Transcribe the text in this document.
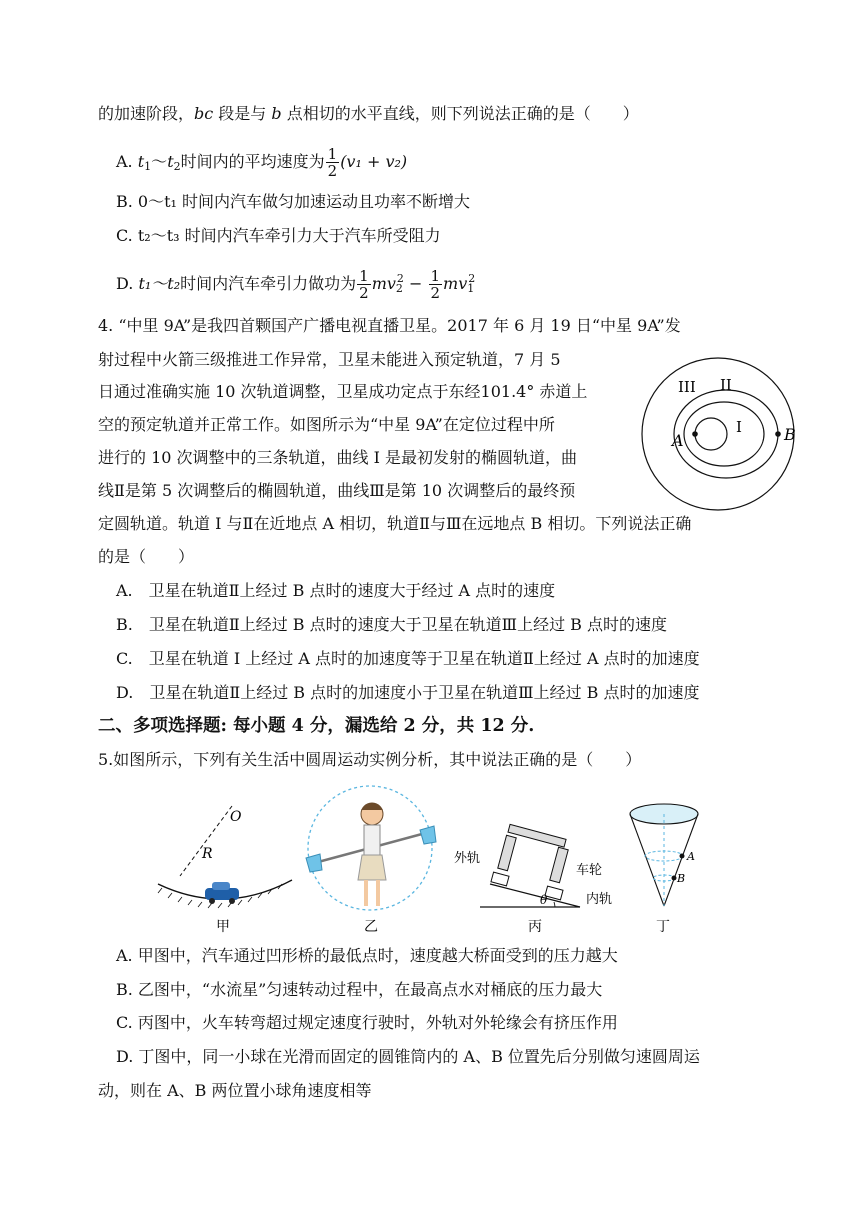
的加速阶段，bc 段是与 b 点相切的水平直线，则下列说法正确的是（　　）
A. $t_1\sim t_2$时间内的平均速度为 $\frac{1}{2} (v_1 + v_2)$
B. 0～t₁ 时间内汽车做匀加速运动且功率不断增大
C. t₂～t₃ 时间内汽车牵引力大于汽车所受阻力
D. t₁～t₂时间内汽车牵引力做功为 $\frac{1}{2} mv_2^2 - \frac{1}{2} mv_1^2$
4. “中里 9A”是我四首颗国产广播电视直播卫星。2017 年 6 月 19 日“中星 9A”发
射过程中火箭三级推进工作异常，卫星未能进入预定轨道，7 月 5
日通过准确实施 10 次轨道调整，卫星成功定点于东经101.4° 赤道上
空的预定轨道并正常工作。如图所示为“中星 9A”在定位过程中所
进行的 10 次调整中的三条轨道，曲线 I 是最初发射的椭圆轨道，曲
线Ⅱ是第 5 次调整后的椭圆轨道，曲线Ⅲ是第 10 次调整后的最终预
定圆轨道。轨道 I 与Ⅱ在近地点 A 相切，轨道Ⅱ与Ⅲ在远地点 B 相切。下列说法正确
的是（　　）
III II
I
A	B
A.　卫星在轨道Ⅱ上经过 B 点时的速度大于经过 A 点时的速度
B.　卫星在轨道Ⅱ上经过 B 点时的速度大于卫星在轨道Ⅲ上经过 B 点时的速度
C.　卫星在轨道 I 上经过 A 点时的加速度等于卫星在轨道Ⅱ上经过 A 点时的加速度
D.　卫星在轨道Ⅱ上经过 B 点时的加速度小于卫星在轨道Ⅲ上经过 B 点时的加速度
二、多项选择题: 每小题 4 分，漏选给 2 分，共 12 分.
5.如图所示，下列有关生活中圆周运动实例分析，其中说法正确的是（　　）
O
R
甲	乙
θ
外轨
车轮
内轨
丙
A
B
丁
A. 甲图中，汽车通过凹形桥的最低点时，速度越大桥面受到的压力越大
B. 乙图中，“水流星”匀速转动过程中，在最高点水对桶底的压力最大
C. 丙图中，火车转弯超过规定速度行驶时，外轨对外轮缘会有挤压作用
D. 丁图中，同一小球在光滑而固定的圆锥筒内的 A、B 位置先后分别做匀速圆周运
动，则在 A、B 两位置小球角速度相等
